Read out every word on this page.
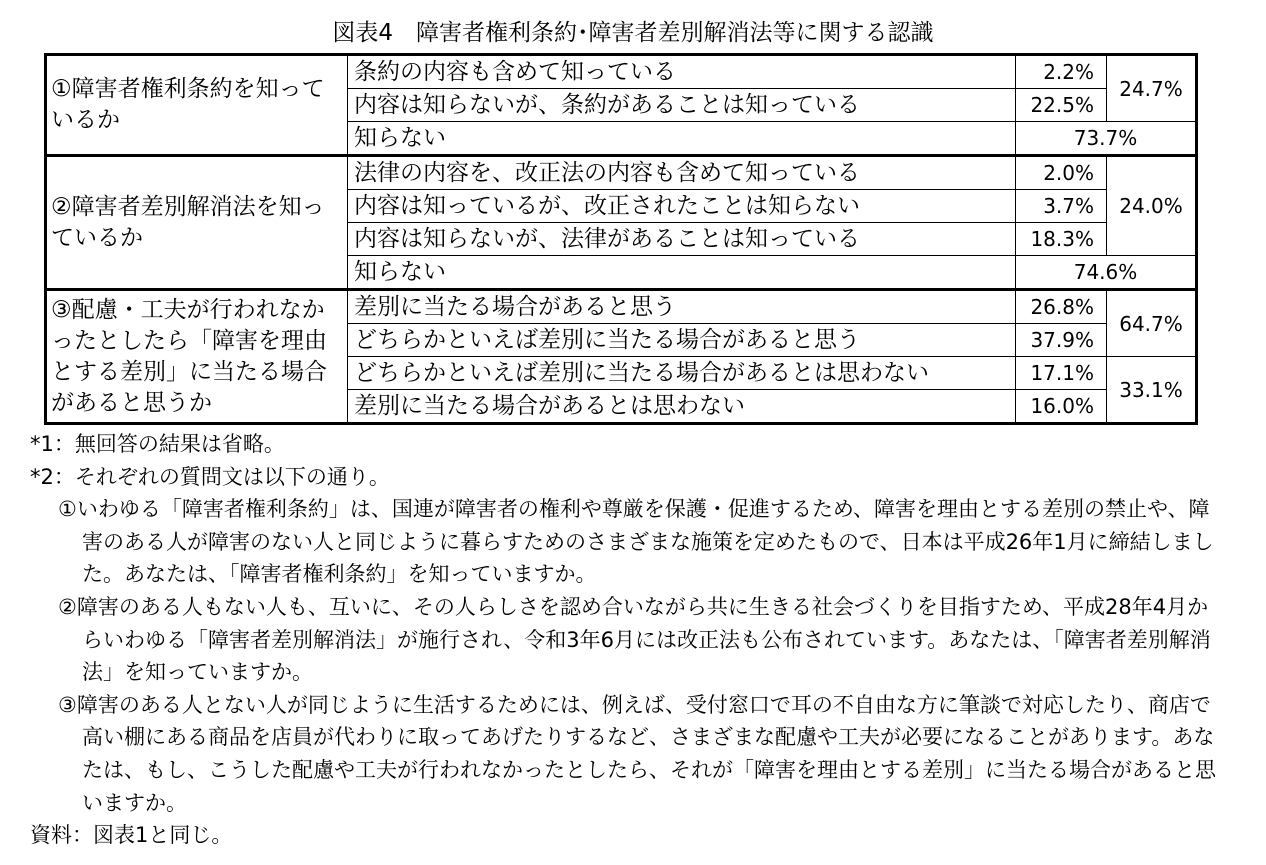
図表4　障害者権利条約･障害者差別解消法等に関する認識
①障害者権利条約を知っているか	条約の内容も含めて知っている	2.2%	24.7%
	内容は知らないが、条約があることは知っている	22.5%	
	知らない	73.7%	
②障害者差別解消法を知っているか	法律の内容を、改正法の内容も含めて知っている	2.0%	24.0%
	内容は知っているが、改正されたことは知らない	3.7%	
	内容は知らないが、法律があることは知っている	18.3%	
	知らない	74.6%	
③配慮・工夫が行われなかったとしたら「障害を理由とする差別」に当たる場合があると思うか	差別に当たる場合があると思う	26.8%	64.7%
	どちらかといえば差別に当たる場合があると思う	37.9%	
	どちらかといえば差別に当たる場合があるとは思わない	17.1%	33.1%
	差別に当たる場合があるとは思わない	16.0%	
*1：無回答の結果は省略。
*2：それぞれの質問文は以下の通り。
①いわゆる「障害者権利条約」は、国連が障害者の権利や尊厳を保護・促進するため、障害を理由とする差別の禁止や、障害のある人が障害のない人と同じように暮らすためのさまざまな施策を定めたもので、日本は平成26年1月に締結しました。あなたは、「障害者権利条約」を知っていますか。
②障害のある人もない人も、互いに、その人らしさを認め合いながら共に生きる社会づくりを目指すため、平成28年4月からいわゆる「障害者差別解消法」が施行され、令和3年6月には改正法も公布されています。あなたは、「障害者差別解消法」を知っていますか。
③障害のある人とない人が同じように生活するためには、例えば、受付窓口で耳の不自由な方に筆談で対応したり、商店で高い棚にある商品を店員が代わりに取ってあげたりするなど、さまざまな配慮や工夫が必要になることがあります。あなたは、もし、こうした配慮や工夫が行われなかったとしたら、それが「障害を理由とする差別」に当たる場合があると思いますか。
資料：図表1と同じ。
